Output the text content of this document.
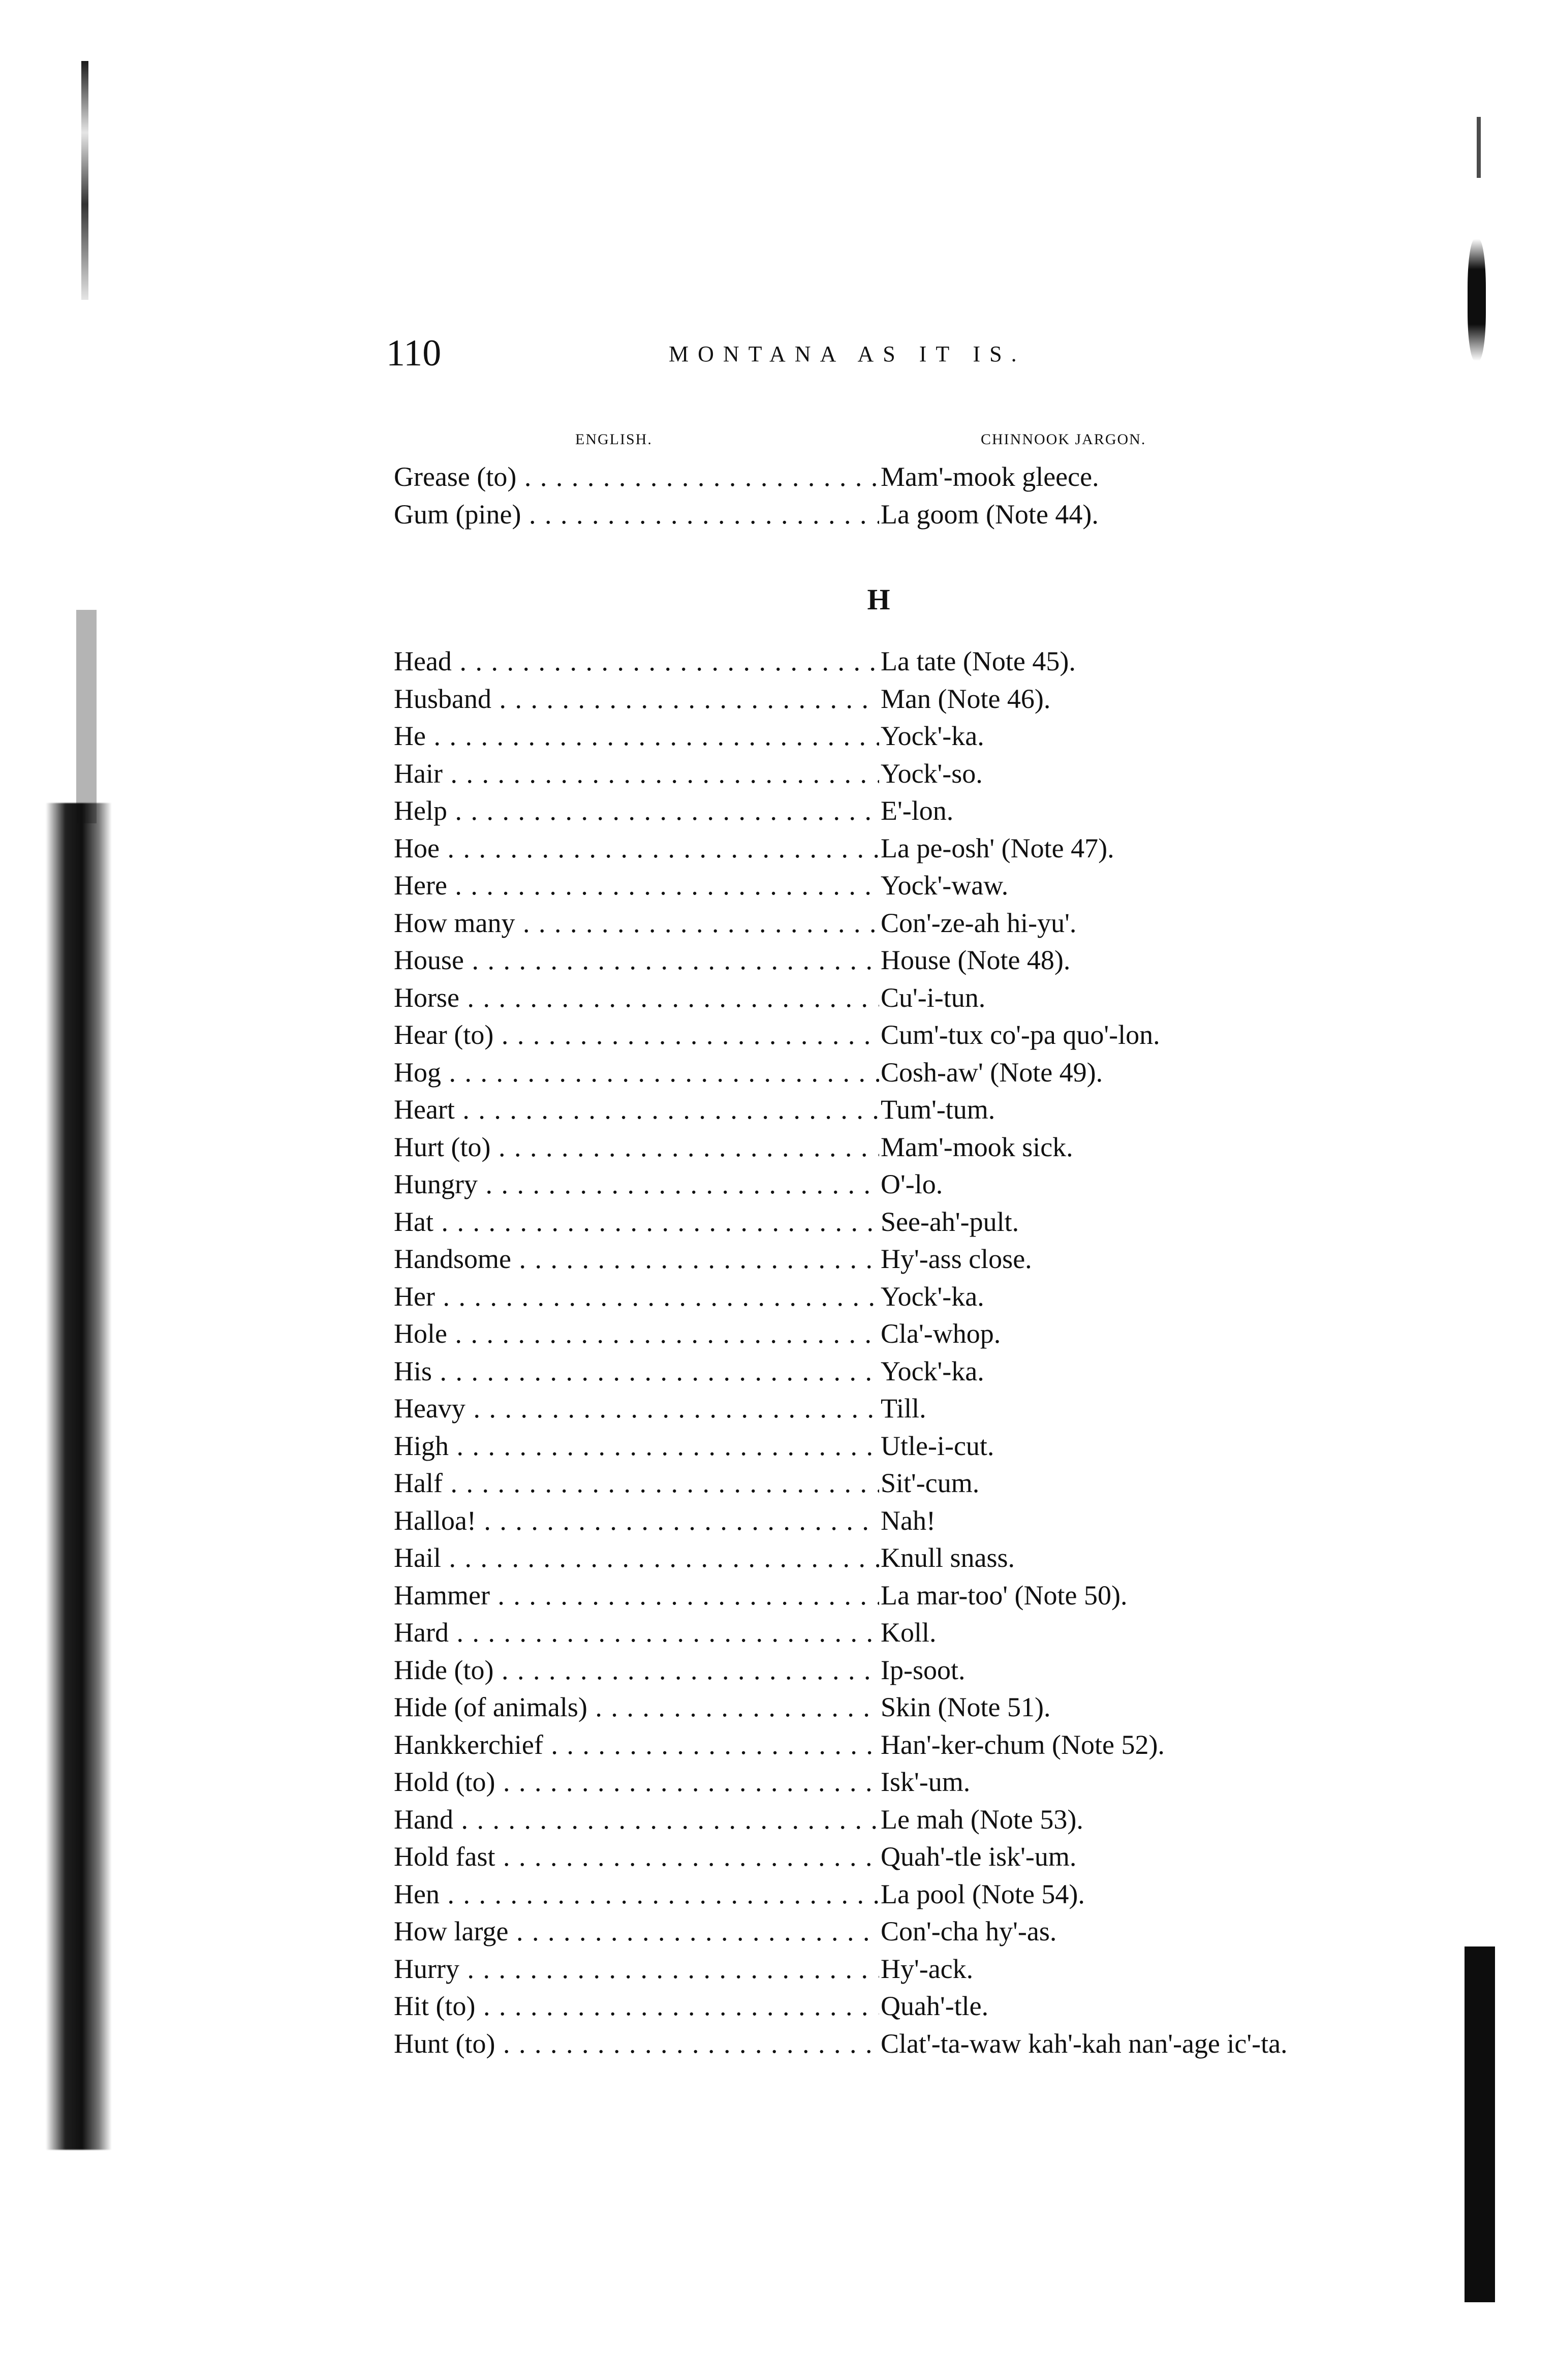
110	MONTANA AS IT IS.
ENGLISH.	CHINNOOK JARGON.
Grease (to) . . .	Mam'-mook gleece.
Gum (pine) . . .	La goom (Note 44).
H
Head . . .	La tate (Note 45).
Husband . . .	Man (Note 46).
He . . .	Yock'-ka.
Hair . . .	Yock'-so.
Help . . .	E'-lon.
Hoe . . .	La pe-osh' (Note 47).
Here . . .	Yock'-waw.
How many . . .	Con'-ze-ah hi-yu'.
House . . .	House (Note 48).
Horse . . .	Cu'-i-tun.
Hear (to) . . .	Cum'-tux co'-pa quo'-lon.
Hog . . .	Cosh-aw' (Note 49).
Heart . . .	Tum'-tum.
Hurt (to) . . .	Mam'-mook sick.
Hungry . . .	O'-lo.
Hat . . .	See-ah'-pult.
Handsome . . .	Hy'-ass close.
Her . . .	Yock'-ka.
Hole . . .	Cla'-whop.
His . . .	Yock'-ka.
Heavy . . .	Till.
High . . .	Utle-i-cut.
Half . . .	Sit'-cum.
Halloa! . . .	Nah!
Hail . . .	Knull snass.
Hammer . . .	La mar-too' (Note 50).
Hard . . .	Koll.
Hide (to) . . .	Ip-soot.
Hide (of animals) . . .	Skin (Note 51).
Hankkerchief . . .	Han'-ker-chum (Note 52).
Hold (to) . . .	Isk'-um.
Hand . . .	Le mah (Note 53).
Hold fast . . .	Quah'-tle isk'-um.
Hen . . .	La pool (Note 54).
How large . . .	Con'-cha hy'-as.
Hurry . . .	Hy'-ack.
Hit (to) . . .	Quah'-tle.
Hunt (to) . . .	Clat'-ta-waw kah'-kah nan'-age ic'-ta.
